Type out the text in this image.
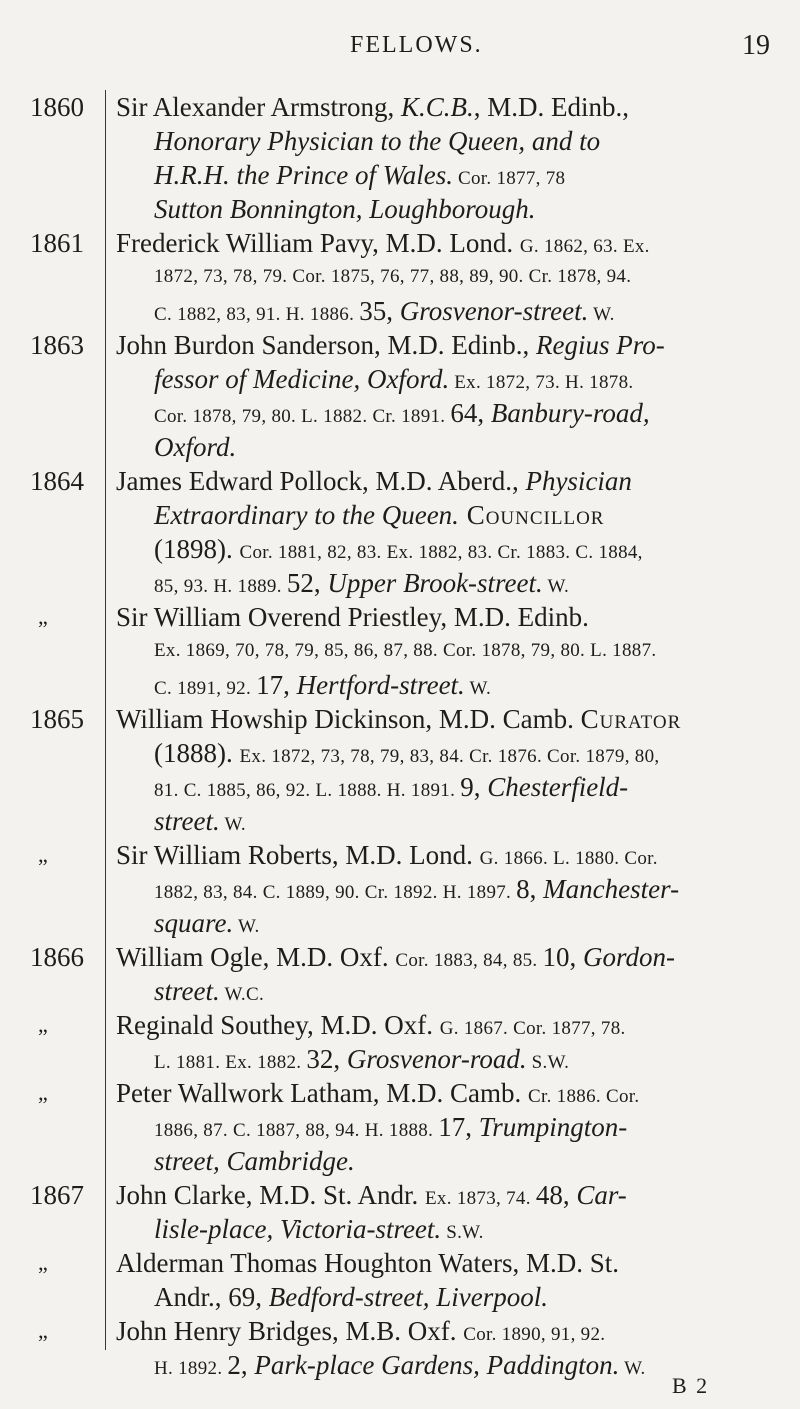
FELLOWS.	19
1860	Sir Alexander Armstrong, K.C.B., M.D. Edinb.,
Honorary Physician to the Queen, and to
H.R.H. the Prince of Wales. Cor. 1877, 78
Sutton Bonnington, Loughborough.
1861	Frederick William Pavy, M.D. Lond. G. 1862, 63. Ex.
1872, 73, 78, 79. Cor. 1875, 76, 77, 88, 89, 90. Cr. 1878, 94.
C. 1882, 83, 91. H. 1886. 35, Grosvenor-street. W.
1863	John Burdon Sanderson, M.D. Edinb., Regius Pro-
fessor of Medicine, Oxford. Ex. 1872, 73. H. 1878.
Cor. 1878, 79, 80. L. 1882. Cr. 1891. 64, Banbury-road,
Oxford.
1864	James Edward Pollock, M.D. Aberd., Physician
Extraordinary to the Queen. Councillor
(1898). Cor. 1881, 82, 83. Ex. 1882, 83. Cr. 1883. C. 1884,
85, 93. H. 1889. 52, Upper Brook-street. W.
„	Sir William Overend Priestley, M.D. Edinb.
Ex. 1869, 70, 78, 79, 85, 86, 87, 88. Cor. 1878, 79, 80. L. 1887.
C. 1891, 92. 17, Hertford-street. W.
1865	William Howship Dickinson, M.D. Camb. Curator
(1888). Ex. 1872, 73, 78, 79, 83, 84. Cr. 1876. Cor. 1879, 80,
81. C. 1885, 86, 92. L. 1888. H. 1891. 9, Chesterfield-
street. W.
„	Sir William Roberts, M.D. Lond. G. 1866. L. 1880. Cor.
1882, 83, 84. C. 1889, 90. Cr. 1892. H. 1897. 8, Manchester-
square. W.
1866	William Ogle, M.D. Oxf. Cor. 1883, 84, 85. 10, Gordon-
street. W.C.
„	Reginald Southey, M.D. Oxf. G. 1867. Cor. 1877, 78.
L. 1881. Ex. 1882. 32, Grosvenor-road. S.W.
„	Peter Wallwork Latham, M.D. Camb. Cr. 1886. Cor.
1886, 87. C. 1887, 88, 94. H. 1888. 17, Trumpington-
street, Cambridge.
1867	John Clarke, M.D. St. Andr. Ex. 1873, 74. 48, Car-
lisle-place, Victoria-street. S.W.
„	Alderman Thomas Houghton Waters, M.D. St.
Andr., 69, Bedford-street, Liverpool.
„	John Henry Bridges, M.B. Oxf. Cor. 1890, 91, 92.
H. 1892. 2, Park-place Gardens, Paddington. W.
B 2
